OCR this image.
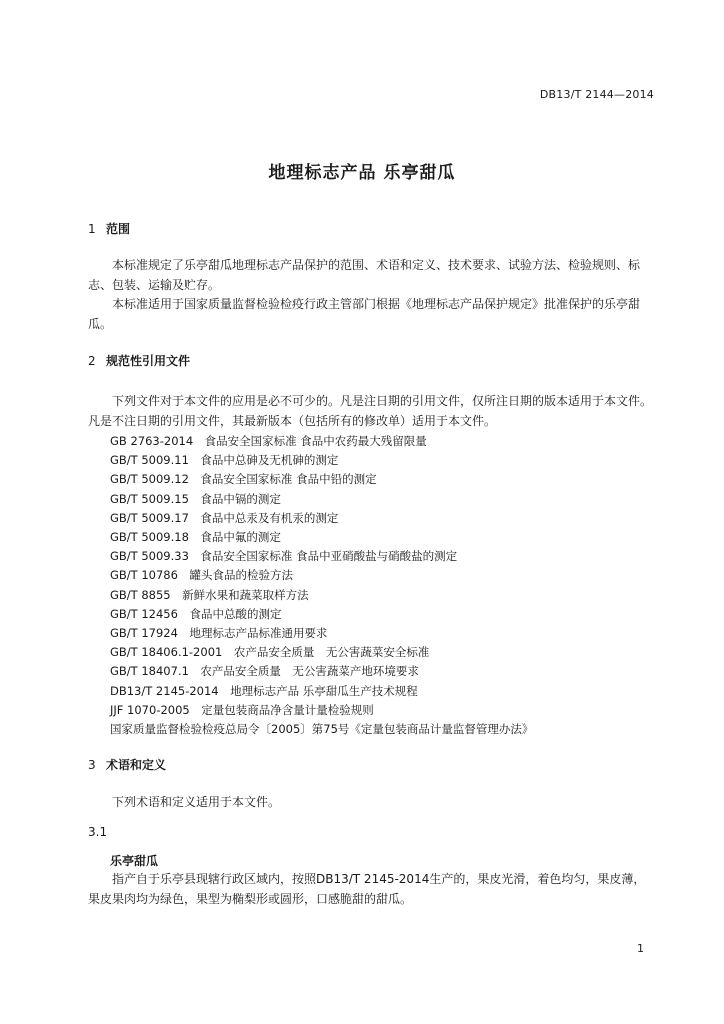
DB13/T 2144—2014
地理标志产品 乐亭甜瓜
1 范围
本标准规定了乐亭甜瓜地理标志产品保护的范围、术语和定义、技术要求、试验方法、检验规则、标志、包装、运输及贮存。
本标准适用于国家质量监督检验检疫行政主管部门根据《地理标志产品保护规定》批准保护的乐亭甜瓜。
2 规范性引用文件
下列文件对于本文件的应用是必不可少的。凡是注日期的引用文件，仅所注日期的版本适用于本文件。凡是不注日期的引用文件，其最新版本（包括所有的修改单）适用于本文件。
GB 2763-2014　食品安全国家标准 食品中农药最大残留限量
GB/T 5009.11　食品中总砷及无机砷的测定
GB/T 5009.12　食品安全国家标准 食品中铅的测定
GB/T 5009.15　食品中镉的测定
GB/T 5009.17　食品中总汞及有机汞的测定
GB/T 5009.18　食品中氟的测定
GB/T 5009.33　食品安全国家标准 食品中亚硝酸盐与硝酸盐的测定
GB/T 10786　罐头食品的检验方法
GB/T 8855　新鲜水果和蔬菜取样方法
GB/T 12456　食品中总酸的测定
GB/T 17924　地理标志产品标准通用要求
GB/T 18406.1-2001　农产品安全质量　无公害蔬菜安全标准
GB/T 18407.1　农产品安全质量　无公害蔬菜产地环境要求
DB13/T 2145-2014　地理标志产品 乐亭甜瓜生产技术规程
JJF 1070-2005　定量包装商品净含量计量检验规则
国家质量监督检验检疫总局令〔2005〕第75号《定量包装商品计量监督管理办法》
3 术语和定义
下列术语和定义适用于本文件。
3.1
乐亭甜瓜
指产自于乐亭县现辖行政区域内，按照DB13/T 2145-2014生产的，果皮光滑，着色均匀，果皮薄，果皮果肉均为绿色，果型为椭梨形或圆形，口感脆甜的甜瓜。
1
